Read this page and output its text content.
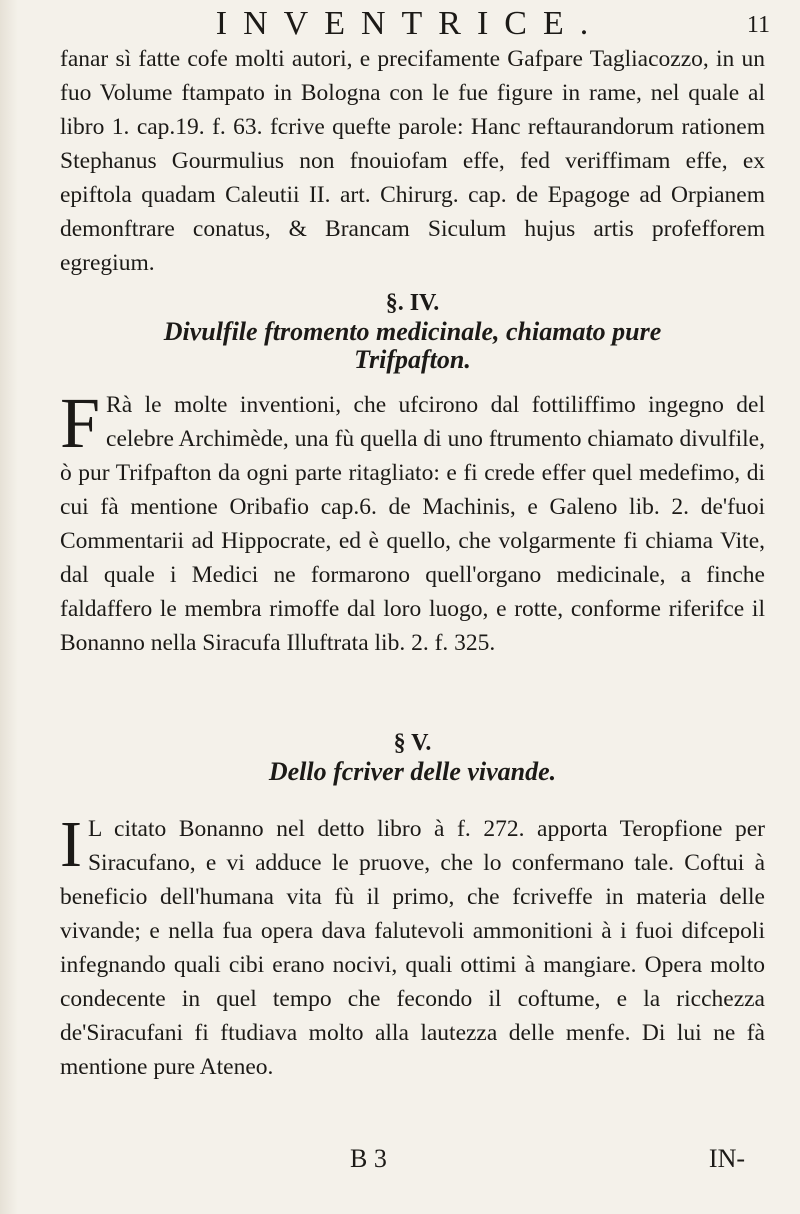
INVENTRICE.	11
fanar sì fatte cofe molti autori, e precifamente Gafpare Tagliacozzo, in un fuo Volume ftampato in Bologna con le fue figure in rame, nel quale al libro 1. cap.19. f. 63. fcrive quefte parole: Hanc reftaurandorum rationem Stephanus Gourmulius non fnouiofam effe, fed veriffimam effe, ex epiftola quadam Caleutii II. art. Chirurg. cap. de Epagoge ad Orpianem demonftrare conatus, & Brancam Siculum hujus artis profefforem egregium.
§. IV.
Divulfile ftromento medicinale, chiamato pure
Trifpafton.
F Rà le molte inventioni, che ufcirono dal fottiliffimo ingegno del celebre Archimède, una fù quella di uno ftrumento chiamato divulfile, ò pur Trifpafton da ogni parte ritagliato: e fi crede effer quel medefimo, di cui fà mentione Oribafio cap.6. de Machinis, e Galeno lib. 2. de'fuoi Commentarii ad Hippocrate, ed è quello, che volgarmente fi chiama Vite, dal quale i Medici ne formarono quell'organo medicinale, a finche faldaffero le membra rimoffe dal loro luogo, e rotte, conforme riferifce il Bonanno nella Siracufa Illuftrata lib. 2. f. 325.
§ V.
Dello fcriver delle vivande.
I L citato Bonanno nel detto libro à f. 272. apporta Teropfione per Siracufano, e vi adduce le pruove, che lo confermano tale. Coftui à beneficio dell'humana vita fù il primo, che fcriveffe in materia delle vivande; e nella fua opera dava falutevoli ammonitioni à i fuoi difcepoli infegnando quali cibi erano nocivi, quali ottimi à mangiare. Opera molto condecente in quel tempo che fecondo il coftume, e la ricchezza de'Siracufani fi ftudiava molto alla lautezza delle menfe. Di lui ne fà mentione pure Ateneo.
B 3	IN-
